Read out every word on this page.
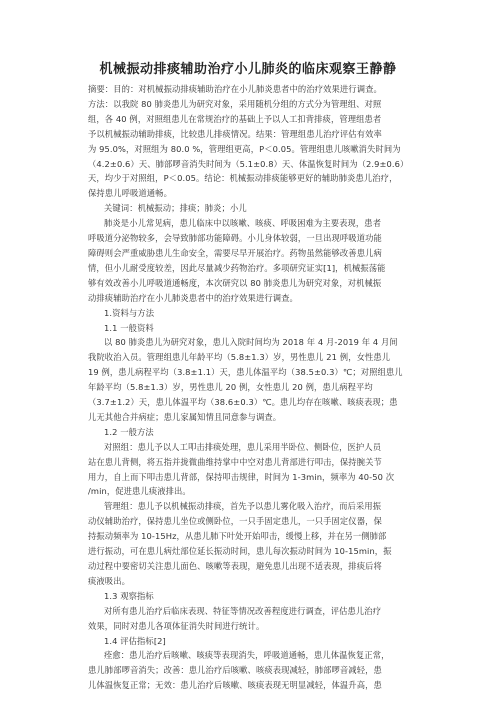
机械振动排痰辅助治疗小儿肺炎的临床观察王静静

摘要：目的：对机械振动排痰辅助治疗在小儿肺炎患者中的治疗效果进行调查。

方法：以我院 80 肺炎患儿为研究对象，采用随机分组的方式分为管理组、对照

组，各 40 例，对照组患儿在常规治疗的基础上予以人工扣背排痰，管理组患者

予以机械振动辅助排痰，比较患儿排痰情况。结果：管理组患儿治疗评估有效率

为 95.0%，对照组为 80.0 %，管理组更高，P＜0.05。管理组患儿咳嗽消失时间为

（4.2±0.6）天、肺部啰音消失时间为（5.1±0.8）天、体温恢复时间为（2.9±0.6）

天，均少于对照组，P＜0.05。结论：机械振动排痰能够更好的辅助肺炎患儿治疗，

保持患儿呼吸道通畅。

关键词：机械振动；排痰；肺炎；小儿

肺炎是小儿常见病，患儿临床中以咳嗽、咳痰、呼吸困难为主要表现，患者

呼吸道分泌物较多，会导致肺部功能障碍。小儿身体较弱，一旦出现呼吸道功能

障碍则会严重威胁患儿生命安全，需要尽早开展治疗。药物虽然能够改善患儿病

情，但小儿耐受度较差，因此尽量减少药物治疗。多项研究证实[1]，机械振荡能

够有效改善小儿呼吸道通畅度，本次研究以 80 肺炎患儿为研究对象，对机械振

动排痰辅助治疗在小儿肺炎患者中的治疗效果进行调查。

1.资料与方法

1.1 一般资料

以 80 肺炎患儿为研究对象，患儿入院时间均为 2018 年 4 月-2019 年 4 月间

我院收治入员。管理组患儿年龄平均（5.8±1.3）岁，男性患儿 21 例，女性患儿

19 例，患儿病程平均（3.8±1.1）天，患儿体温平均（38.5±0.3）℃；对照组患儿

年龄平均（5.8±1.3）岁，男性患儿 20 例，女性患儿 20 例，患儿病程平均

（3.7±1.2）天，患儿体温平均（38.6±0.3）℃。患儿均存在咳嗽、咳痰表现；患

儿无其他合并病症；患儿家属知情且同意参与调查。

1.2 一般方法

对照组：患儿予以人工叩击排痰处理，患儿采用半卧位、侧卧位，医护人员

站在患儿背侧，将五指并拢微曲维持掌中中空对患儿背部进行叩击，保持腕关节

用力，自上而下叩击患儿背部，保持叩击规律，时间为 1-3min，频率为 40-50 次

/min，促进患儿痰液排出。

管理组：患儿予以机械振动排痰，首先予以患儿雾化吸入治疗，而后采用振

动仪辅助治疗，保持患儿坐位或侧卧位，一只手固定患儿，一只手固定仪器，保

持振动频率为 10-15Hz，从患儿肺下叶处开始叩击，缓慢上移，并在另一侧肺部

进行振动，可在患儿病灶部位延长振动时间，患儿每次振动时间为 10-15min，振

动过程中要密切关注患儿面色、咳嗽等表现，避免患儿出现不适表现，排痰后将

痰液吸出。

1.3 观察指标

对所有患儿治疗后临床表现、特征等情况改善程度进行调查，评估患儿治疗

效果，同时对患儿各项体征消失时间进行统计。

1.4 评估指标[2]

痊愈：患儿治疗后咳嗽、咳痰等表现消失，呼吸道通畅，患儿体温恢复正常，

患儿肺部啰音消失；改善：患儿治疗后咳嗽、咳痰表现减轻，肺部啰音减轻，患

儿体温恢复正常；无效：患儿治疗后咳嗽、咳痰表现无明显减轻，体温升高，患
